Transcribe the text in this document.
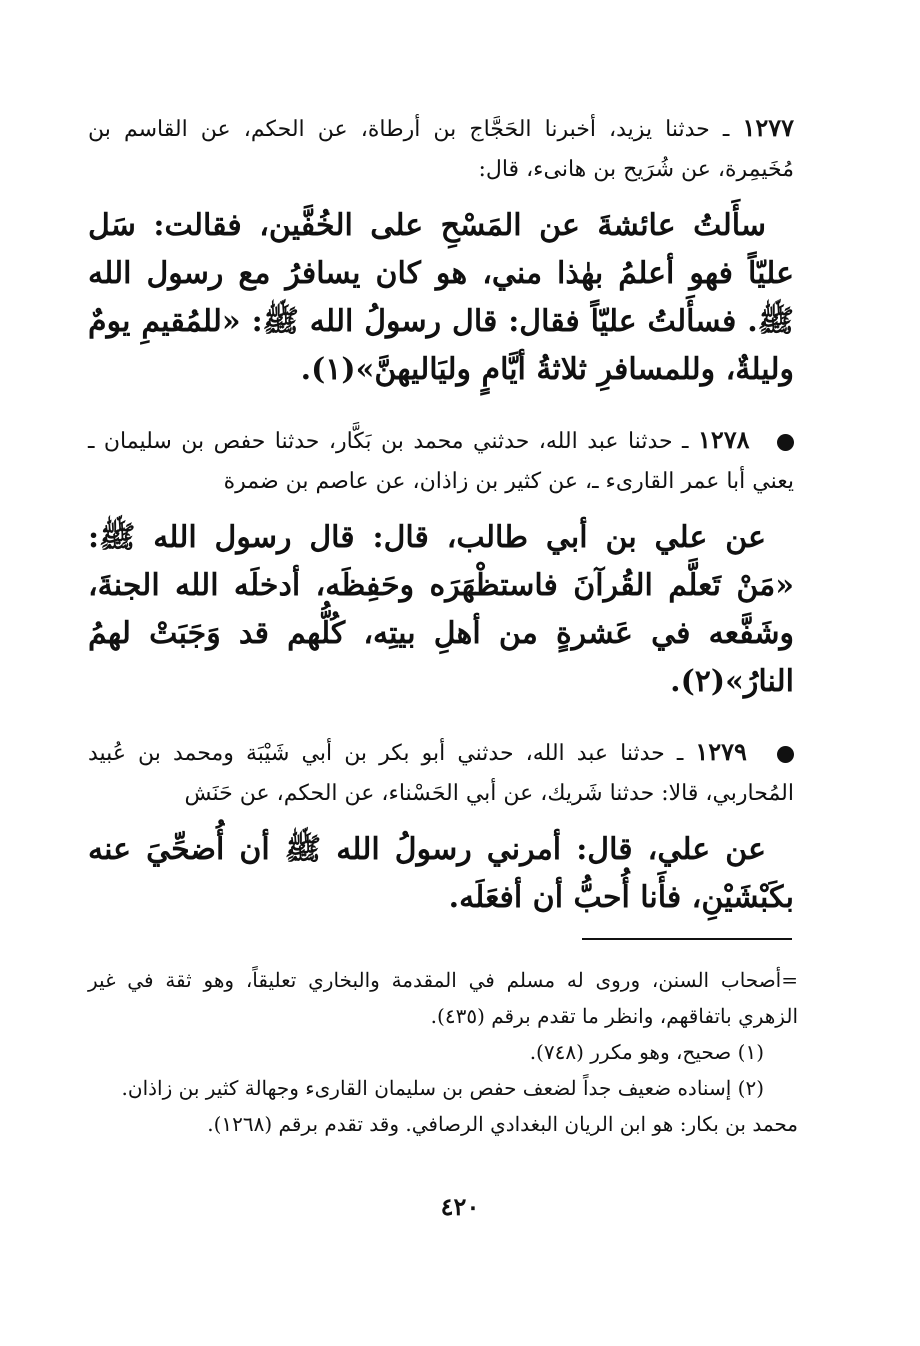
١٢٧٧ ـ حدثنا يزيد، أخبرنا الحَجَّاج بن أرطاة، عن الحكم، عن القاسم بن مُخَيمِرة، عن شُرَيح بن هانىء، قال:

سأَلتُ عائشةَ عن المَسْحِ على الخُفَّين، فقالت: سَل عليّاً فهو أعلمُ بهٰذا مني، هو كان يسافرُ مع رسول الله ﷺ. فسأَلتُ عليّاً فقال: قال رسولُ الله ﷺ: «للمُقيمِ يومٌ وليلةٌ، وللمسافرِ ثلاثةُ أيَّامٍ وليَاليهنَّ»(١).

١٢٧٨ ـ حدثنا عبد الله، حدثني محمد بن بَكَّار، حدثنا حفص بن سليمان ـ يعني أبا عمر القارىء ـ، عن كثير بن زاذان، عن عاصم بن ضمرة

عن علي بن أبي طالب، قال: قال رسول الله ﷺ: «مَنْ تَعلَّم القُرآنَ فاستظْهَرَه وحَفِظَه، أدخلَه الله الجنةَ، وشَفَّعه في عَشرةٍ من أهلِ بيتِه، كُلُّهم قد وَجَبَتْ لهمُ النارُ»(٢).

١٢٧٩ ـ حدثنا عبد الله، حدثني أبو بكر بن أبي شَيْبَة ومحمد بن عُبيد المُحاربي، قالا: حدثنا شَريك، عن أبي الحَسْناء، عن الحكم، عن حَنَش

عن علي، قال: أمرني رسولُ الله ﷺ أن أُضحِّيَ عنه بكَبْشَيْنِ، فأَنا أُحبُّ أن أفعَلَه.

=أصحاب السنن، وروى له مسلم في المقدمة والبخاري تعليقاً، وهو ثقة في غير الزهري باتفاقهم، وانظر ما تقدم برقم (٤٣٥).

(١) صحيح، وهو مكرر (٧٤٨).

(٢) إسناده ضعيف جداً لضعف حفص بن سليمان القارىء وجهالة كثير بن زاذان.

محمد بن بكار: هو ابن الريان البغدادي الرصافي. وقد تقدم برقم (١٢٦٨).

٤٢٠
